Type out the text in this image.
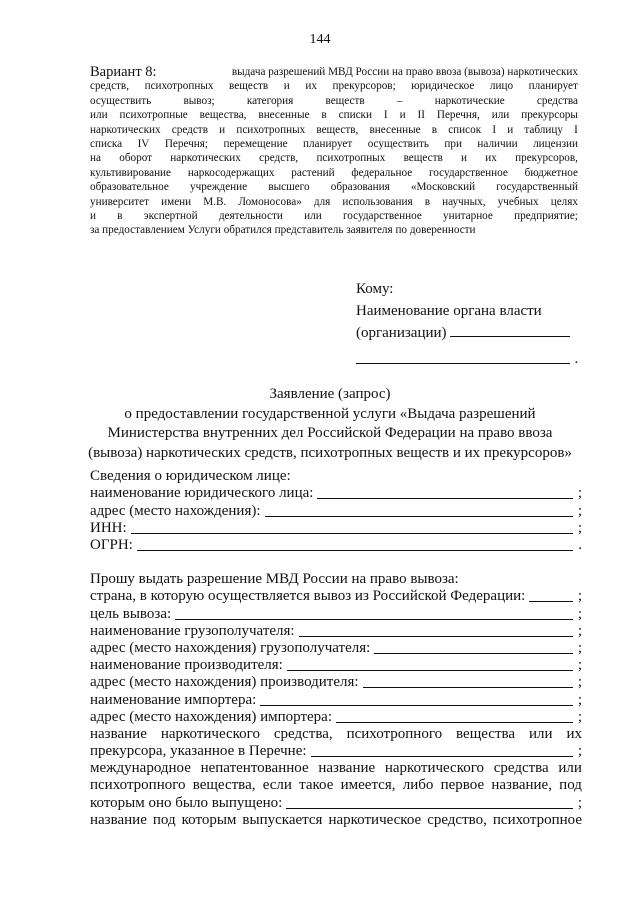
144
Вариант 8:	выдача разрешений МВД России на право ввоза (вывоза) наркотических
средств, психотропных веществ и их прекурсоров; юридическое лицо планирует
осуществить	вывоз;	категория	веществ	–	наркотические	средства
или психотропные вещества, внесенные в списки I и II Перечня, или прекурсоры
наркотических средств и психотропных веществ, внесенные в список I и таблицу I
списка IV Перечня; перемещение планирует осуществить при наличии лицензии
на оборот наркотических средств, психотропных веществ и их прекурсоров,
культивирование наркосодержащих растений федеральное государственное бюджетное
образовательное учреждение высшего образования «Московский государственный
университет имени М.В. Ломоносова» для использования в научных, учебных целях
и в экспертной деятельности или государственное унитарное предприятие;
за предоставлением Услуги обратился представитель заявителя по доверенности
Кому:
Наименование органа власти
(организации)
.
Заявление (запрос)
о предоставлении государственной услуги «Выдача разрешений
Министерства внутренних дел Российской Федерации на право ввоза
(вывоза) наркотических средств, психотропных веществ и их прекурсоров»
Сведения о юридическом лице:
наименование юридического лица:	;
адрес (место нахождения):	;
ИНН:	;
ОГРН:	.
Прошу выдать разрешение МВД России на право вывоза:
страна, в которую осуществляется вывоз из Российской Федерации:	;
цель вывоза:	;
наименование грузополучателя:	;
адрес (место нахождения) грузополучателя:	;
наименование производителя:	;
адрес (место нахождения) производителя:	;
наименование импортера:	;
адрес (место нахождения) импортера:	;
название наркотического средства, психотропного вещества или их
прекурсора, указанное в Перечне:	;
международное непатентованное название наркотического средства или
психотропного вещества, если такое имеется, либо первое название, под
которым оно было выпущено:	;
название под которым выпускается наркотическое средство, психотропное
